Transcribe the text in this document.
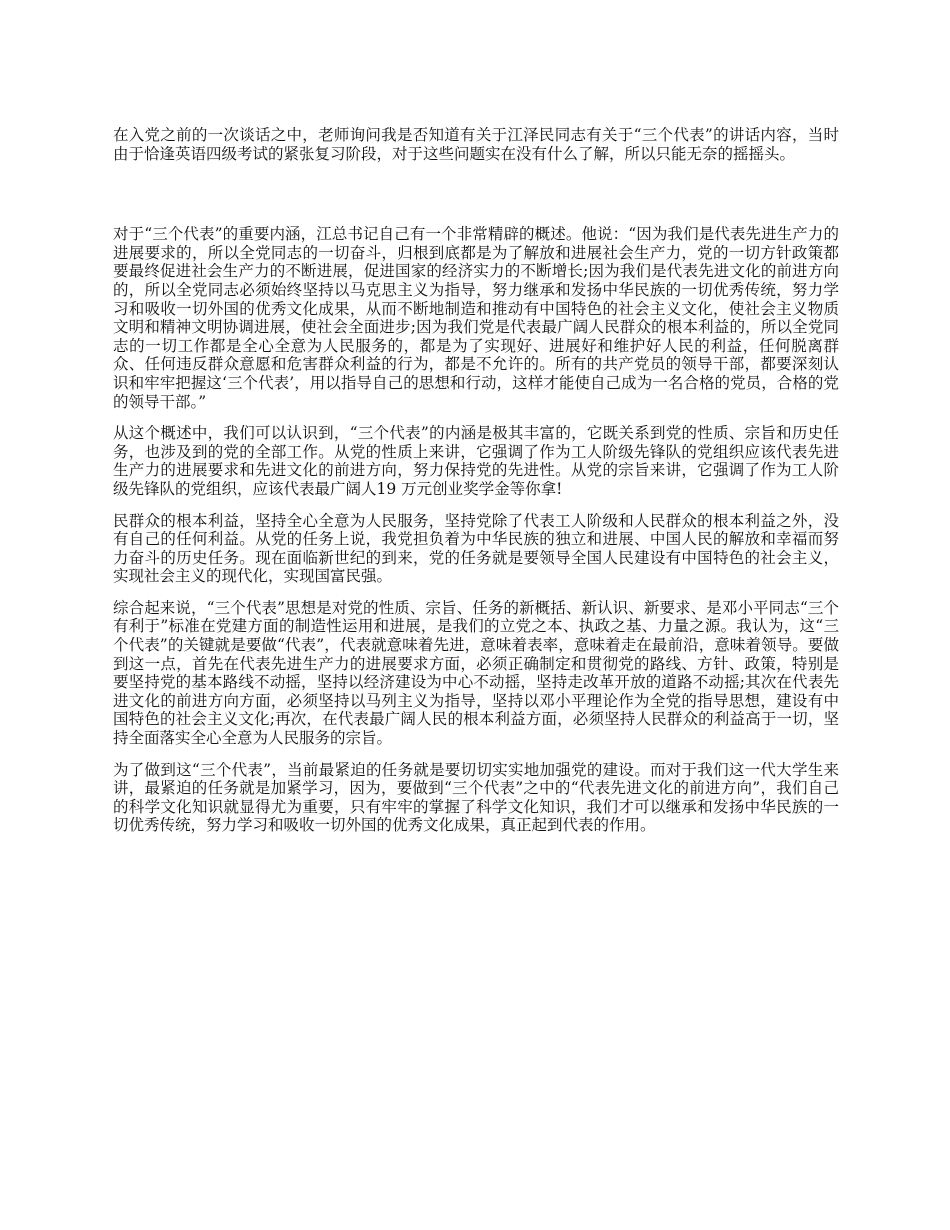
在入党之前的一次谈话之中，老师询问我是否知道有关于江泽民同志有关于“三个代表”的讲话内容，当时由于恰逢英语四级考试的紧张复习阶段，对于这些问题实在没有什么了解，所以只能无奈的摇摇头。

对于“三个代表”的重要内涵，江总书记自己有一个非常精辟的概述。他说：“因为我们是代表先进生产力的进展要求的，所以全党同志的一切奋斗，归根到底都是为了解放和进展社会生产力，党的一切方针政策都要最终促进社会生产力的不断进展，促进国家的经济实力的不断增长;因为我们是代表先进文化的前进方向的，所以全党同志必须始终坚持以马克思主义为指导，努力继承和发扬中华民族的一切优秀传统，努力学习和吸收一切外国的优秀文化成果，从而不断地制造和推动有中国特色的社会主义文化，使社会主义物质文明和精神文明协调进展，使社会全面进步;因为我们党是代表最广阔人民群众的根本利益的，所以全党同志的一切工作都是全心全意为人民服务的，都是为了实现好、进展好和维护好人民的利益，任何脱离群众、任何违反群众意愿和危害群众利益的行为，都是不允许的。所有的共产党员的领导干部，都要深刻认识和牢牢把握这‘三个代表’，用以指导自己的思想和行动，这样才能使自己成为一名合格的党员，合格的党的领导干部。”

从这个概述中，我们可以认识到，“三个代表”的内涵是极其丰富的，它既关系到党的性质、宗旨和历史任务，也涉及到的党的全部工作。从党的性质上来讲，它强调了作为工人阶级先锋队的党组织应该代表先进生产力的进展要求和先进文化的前进方向，努力保持党的先进性。从党的宗旨来讲，它强调了作为工人阶级先锋队的党组织，应该代表最广阔人19 万元创业奖学金等你拿!

民群众的根本利益，坚持全心全意为人民服务，坚持党除了代表工人阶级和人民群众的根本利益之外，没有自己的任何利益。从党的任务上说，我党担负着为中华民族的独立和进展、中国人民的解放和幸福而努力奋斗的历史任务。现在面临新世纪的到来，党的任务就是要领导全国人民建设有中国特色的社会主义，实现社会主义的现代化，实现国富民强。

综合起来说，“三个代表”思想是对党的性质、宗旨、任务的新概括、新认识、新要求、是邓小平同志“三个有利于”标准在党建方面的制造性运用和进展，是我们的立党之本、执政之基、力量之源。我认为，这“三个代表”的关键就是要做“代表”，代表就意味着先进，意味着表率，意味着走在最前沿，意味着领导。要做到这一点，首先在代表先进生产力的进展要求方面，必须正确制定和贯彻党的路线、方针、政策，特别是要坚持党的基本路线不动摇，坚持以经济建设为中心不动摇，坚持走改革开放的道路不动摇;其次在代表先进文化的前进方向方面，必须坚持以马列主义为指导，坚持以邓小平理论作为全党的指导思想，建设有中国特色的社会主义文化;再次，在代表最广阔人民的根本利益方面，必须坚持人民群众的利益高于一切，坚持全面落实全心全意为人民服务的宗旨。

为了做到这“三个代表”，当前最紧迫的任务就是要切切实实地加强党的建设。而对于我们这一代大学生来讲，最紧迫的任务就是加紧学习，因为，要做到“三个代表”之中的“代表先进文化的前进方向”，我们自己的科学文化知识就显得尤为重要，只有牢牢的掌握了科学文化知识，我们才可以继承和发扬中华民族的一切优秀传统，努力学习和吸收一切外国的优秀文化成果，真正起到代表的作用。
